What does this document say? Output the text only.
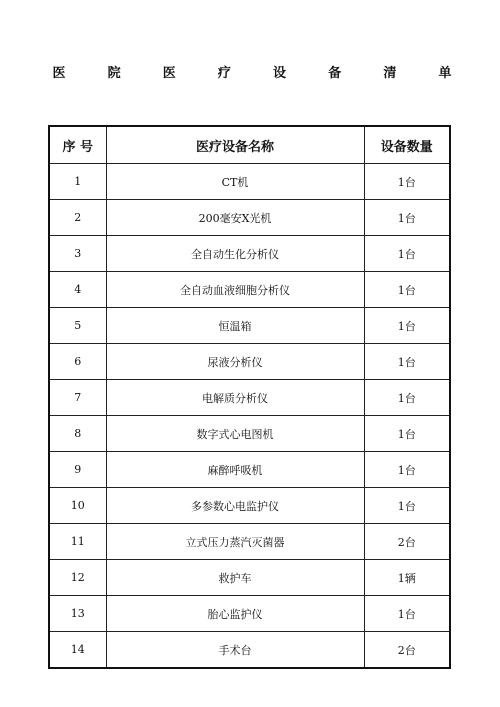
医	院	医	疗	设	备	清	单
序 号	医疗设备名称	设备数量
1	CT机	1台
2	200毫安X光机	1台
3	全自动生化分析仪	1台
4	全自动血液细胞分析仪	1台
5	恒温箱	1台
6	尿液分析仪	1台
7	电解质分析仪	1台
8	数字式心电图机	1台
9	麻醉呼吸机	1台
10	多参数心电监护仪	1台
11	立式压力蒸汽灭菌器	2台
12	救护车	1辆
13	胎心监护仪	1台
14	手术台	2台
